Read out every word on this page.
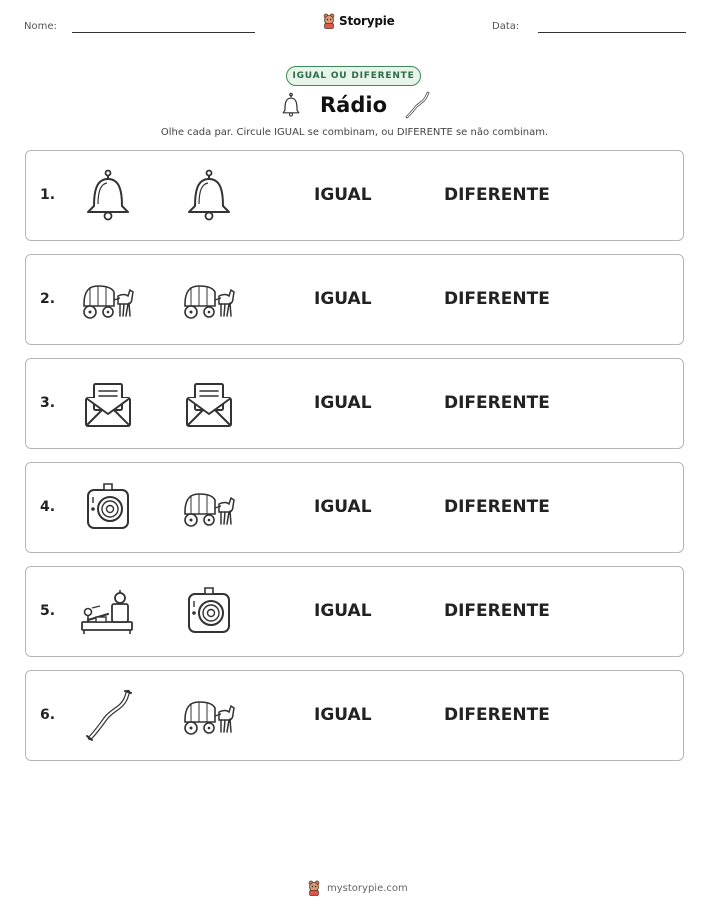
Nome:	Storypie	Data:
IGUAL OU DIFERENTE
Rádio
Olhe cada par. Circule IGUAL se combinam, ou DIFERENTE se não combinam.
1.	IGUAL	DIFERENTE
2.	IGUAL	DIFERENTE
3.	IGUAL	DIFERENTE
4.	IGUAL	DIFERENTE
5.	IGUAL	DIFERENTE
6.	IGUAL	DIFERENTE
mystorypie.com
